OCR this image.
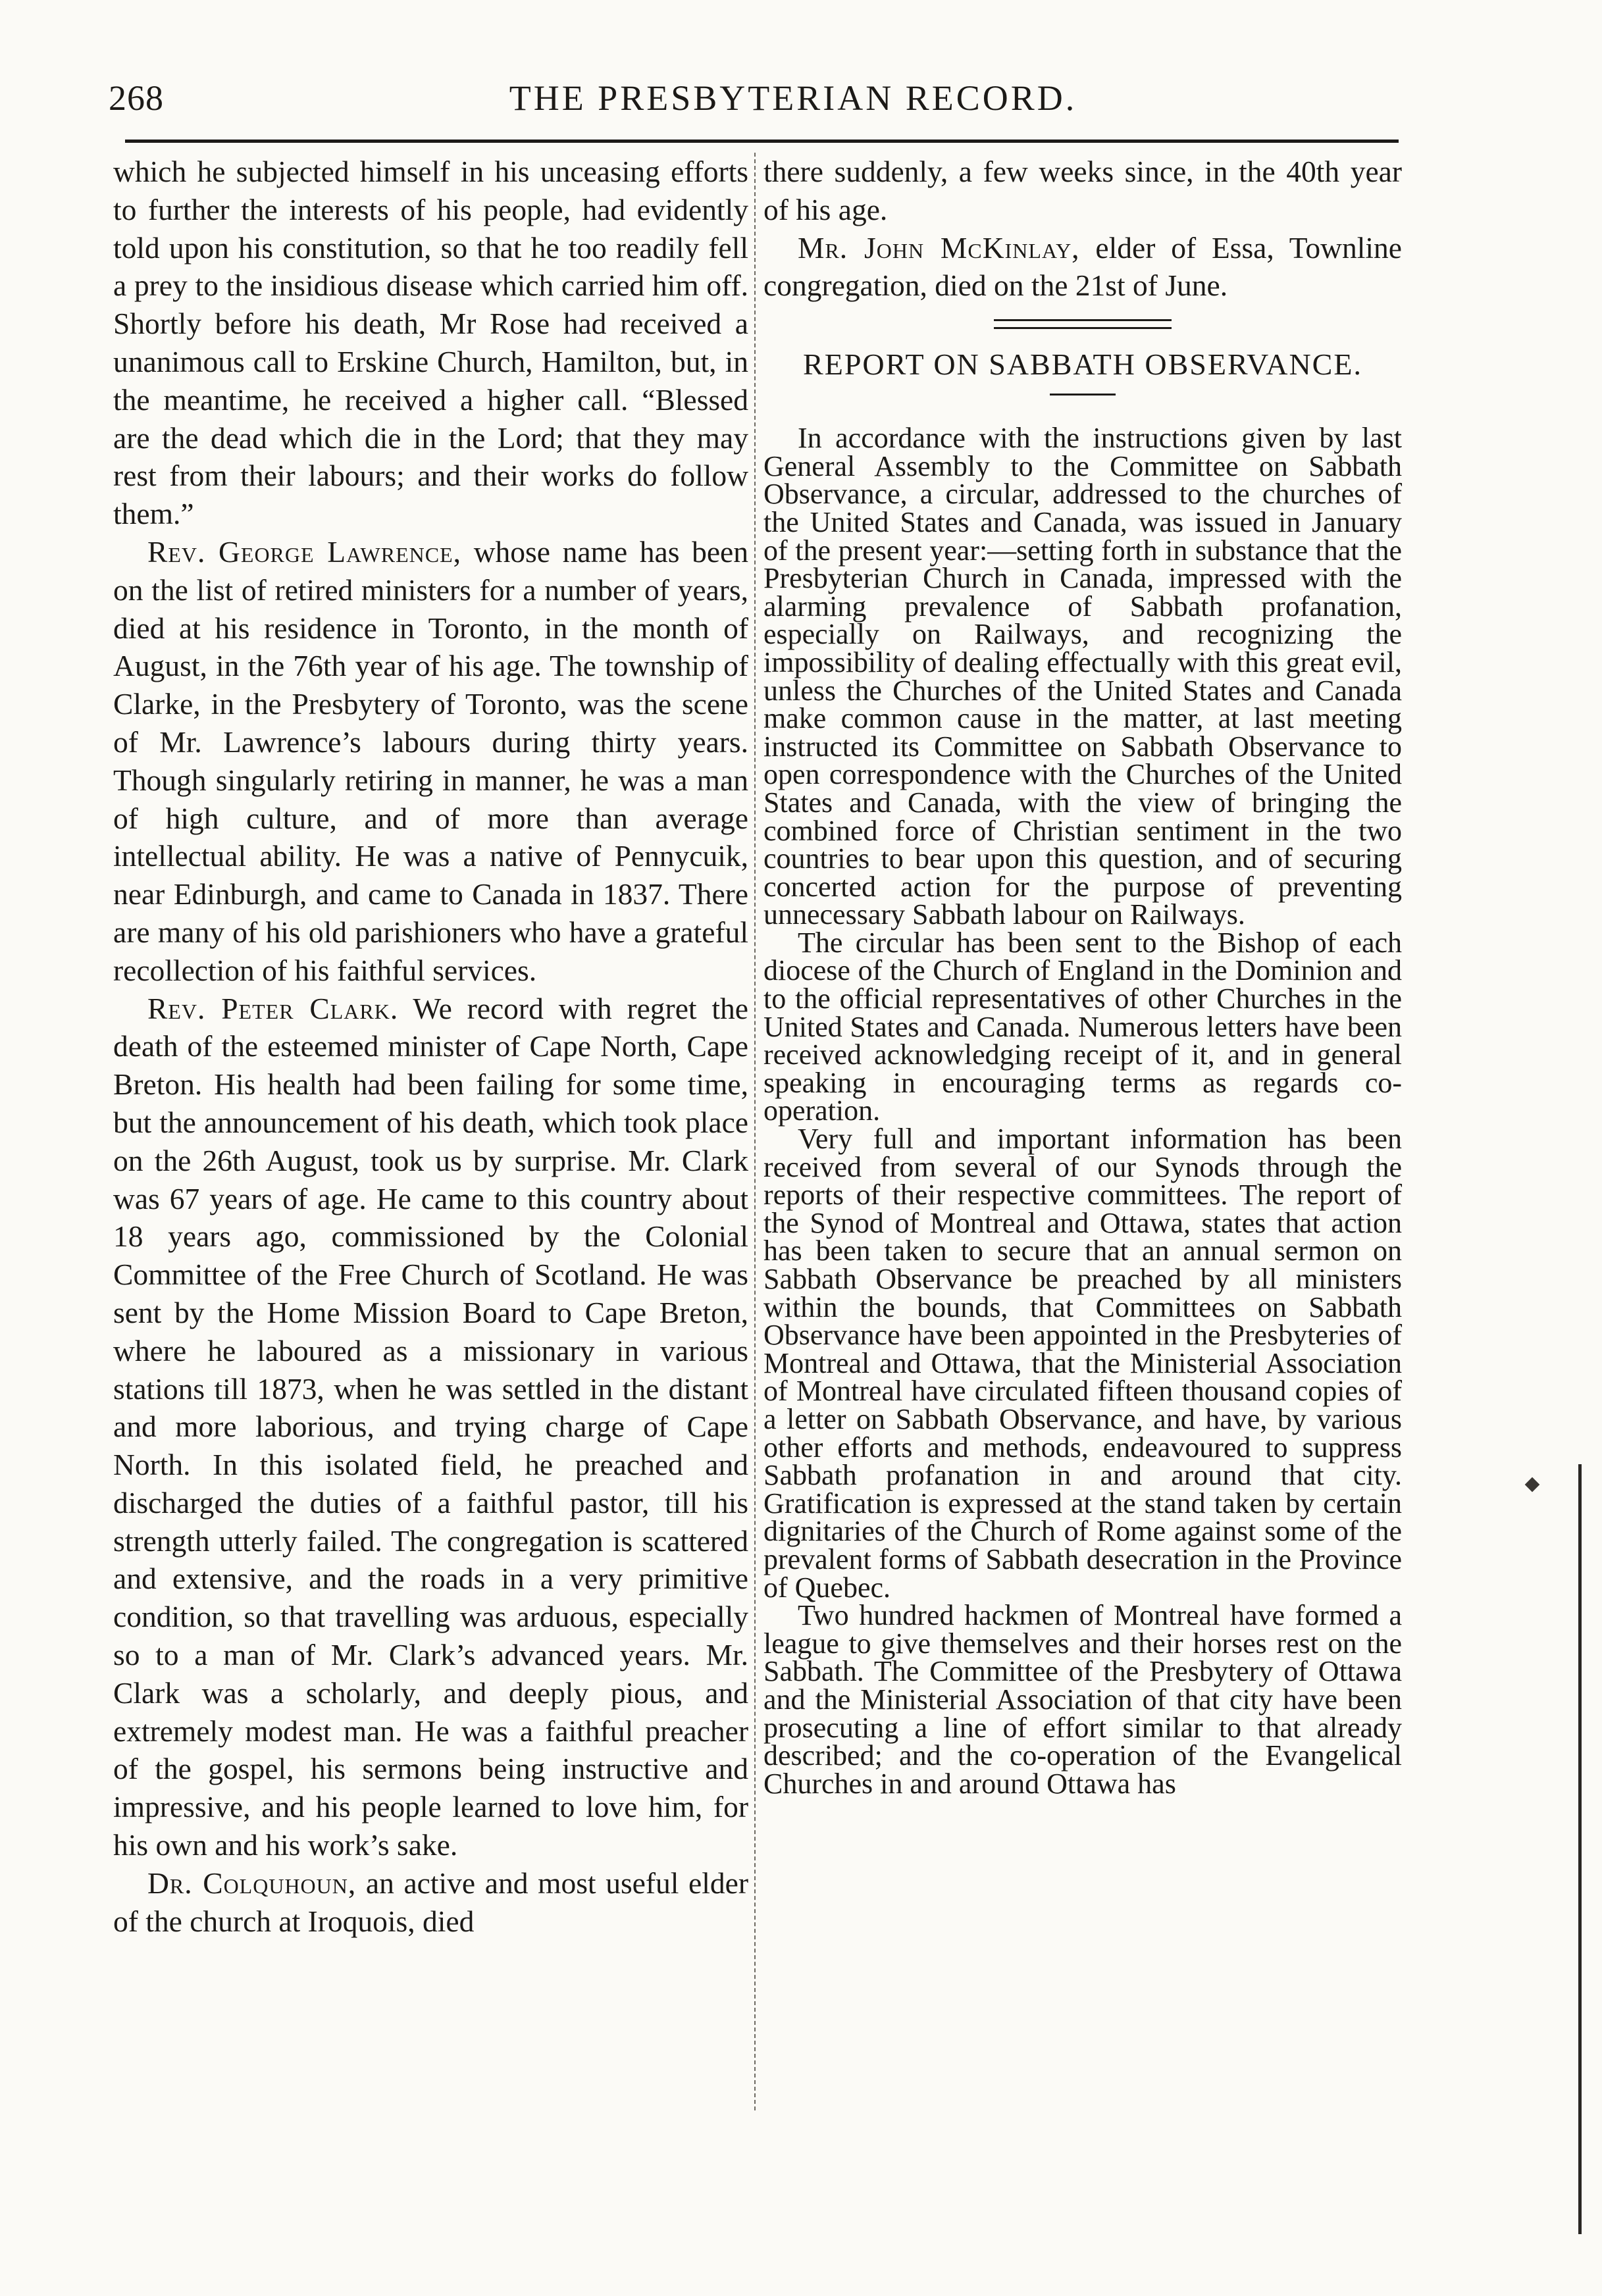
268	THE PRESBYTERIAN RECORD.

which he subjected himself in his unceasing efforts to further the interests of his people, had evidently told upon his constitution, so that he too readily fell a prey to the insidious disease which carried him off. Shortly before his death, Mr Rose had received a unanimous call to Erskine Church, Hamilton, but, in the meantime, he received a higher call. “Blessed are the dead which die in the Lord; that they may rest from their labours; and their works do follow them.”

Rev. George Lawrence, whose name has been on the list of retired ministers for a number of years, died at his residence in Toronto, in the month of August, in the 76th year of his age. The township of Clarke, in the Presbytery of Toronto, was the scene of Mr. Lawrence’s labours during thirty years. Though singularly retiring in manner, he was a man of high culture, and of more than average intellectual ability. He was a native of Pennycuik, near Edinburgh, and came to Canada in 1837. There are many of his old parishioners who have a grateful recollection of his faithful services.

Rev. Peter Clark. We record with regret the death of the esteemed minister of Cape North, Cape Breton. His health had been failing for some time, but the announcement of his death, which took place on the 26th August, took us by surprise. Mr. Clark was 67 years of age. He came to this country about 18 years ago, commissioned by the Colonial Committee of the Free Church of Scotland. He was sent by the Home Mission Board to Cape Breton, where he laboured as a missionary in various stations till 1873, when he was settled in the distant and more laborious, and trying charge of Cape North. In this isolated field, he preached and discharged the duties of a faithful pastor, till his strength utterly failed. The congregation is scattered and extensive, and the roads in a very primitive condition, so that travelling was arduous, especially so to a man of Mr. Clark’s advanced years. Mr. Clark was a scholarly, and deeply pious, and extremely modest man. He was a faithful preacher of the gospel, his sermons being instructive and impressive, and his people learned to love him, for his own and his work’s sake.

Dr. Colquhoun, an active and most useful elder of the church at Iroquois, died

there suddenly, a few weeks since, in the 40th year of his age.

Mr. John McKinlay, elder of Essa, Townline congregation, died on the 21st of June.

REPORT ON SABBATH OBSERVANCE.

In accordance with the instructions given by last General Assembly to the Committee on Sabbath Observance, a circular, addressed to the churches of the United States and Canada, was issued in January of the present year:—setting forth in substance that the Presbyterian Church in Canada, impressed with the alarming prevalence of Sabbath profanation, especially on Railways, and recognizing the impossibility of dealing effectually with this great evil, unless the Churches of the United States and Canada make common cause in the matter, at last meeting instructed its Committee on Sabbath Observance to open correspondence with the Churches of the United States and Canada, with the view of bringing the combined force of Christian sentiment in the two countries to bear upon this question, and of securing concerted action for the purpose of preventing unnecessary Sabbath labour on Railways.

The circular has been sent to the Bishop of each diocese of the Church of England in the Dominion and to the official representatives of other Churches in the United States and Canada. Numerous letters have been received acknowledging receipt of it, and in general speaking in encouraging terms as regards co-operation.

Very full and important information has been received from several of our Synods through the reports of their respective committees. The report of the Synod of Montreal and Ottawa, states that action has been taken to secure that an annual sermon on Sabbath Observance be preached by all ministers within the bounds, that Committees on Sabbath Observance have been appointed in the Presbyteries of Montreal and Ottawa, that the Ministerial Association of Montreal have circulated fifteen thousand copies of a letter on Sabbath Observance, and have, by various other efforts and methods, endeavoured to suppress Sabbath profanation in and around that city. Gratification is expressed at the stand taken by certain dignitaries of the Church of Rome against some of the prevalent forms of Sabbath desecration in the Province of Quebec.

Two hundred hackmen of Montreal have formed a league to give themselves and their horses rest on the Sabbath. The Committee of the Presbytery of Ottawa and the Ministerial Association of that city have been prosecuting a line of effort similar to that already described; and the co-operation of the Evangelical Churches in and around Ottawa has
